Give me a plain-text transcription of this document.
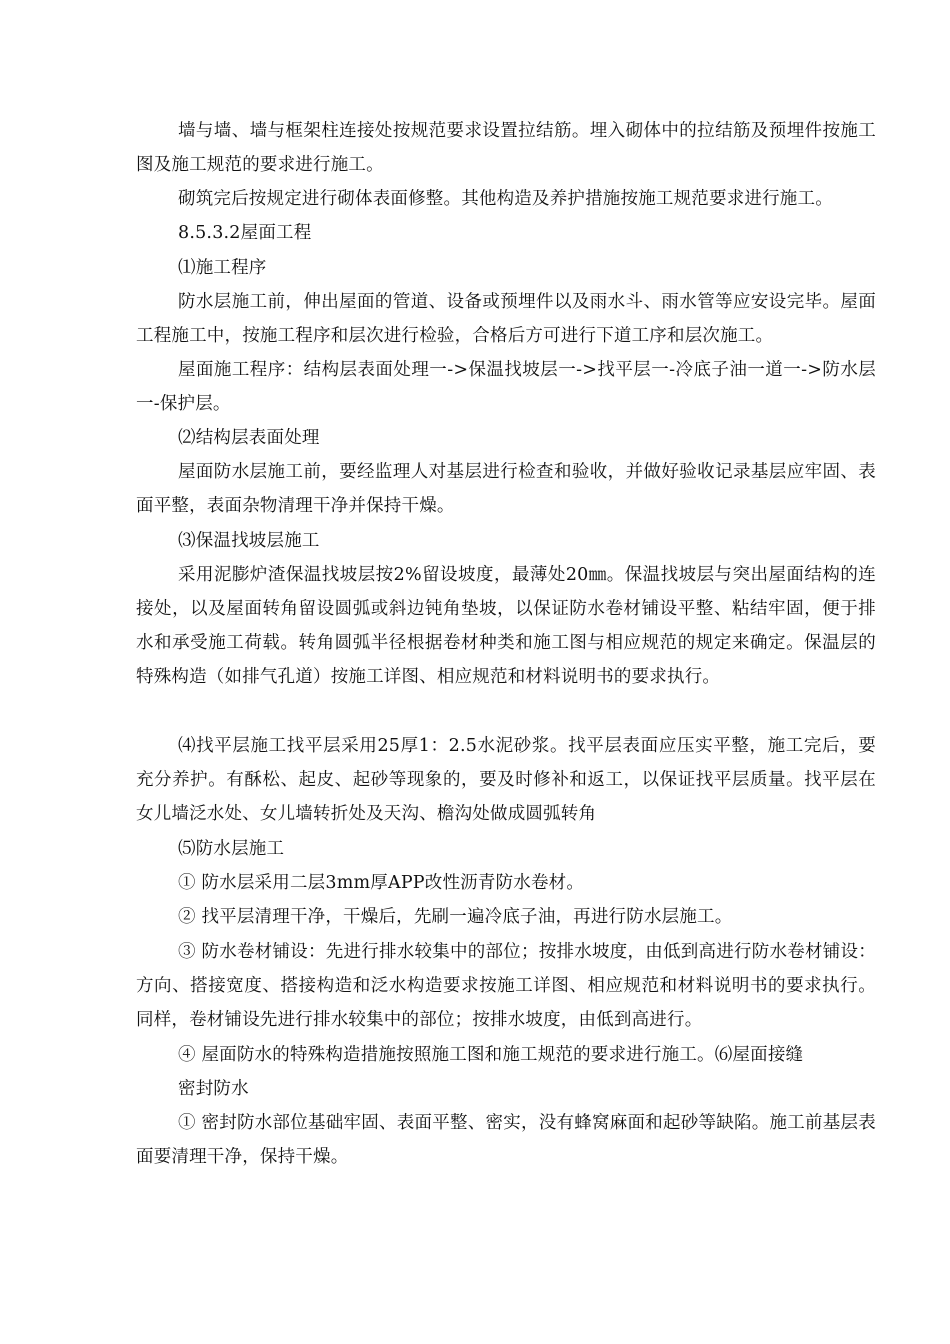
墙与墙、墙与框架柱连接处按规范要求设置拉结筋。埋入砌体中的拉结筋及预埋件按施工图及施工规范的要求进行施工。

砌筑完后按规定进行砌体表面修整。其他构造及养护措施按施工规范要求进行施工。

8.5.3.2屋面工程

⑴施工程序

防水层施工前，伸出屋面的管道、设备或预埋件以及雨水斗、雨水管等应安设完毕。屋面工程施工中，按施工程序和层次进行检验，合格后方可进行下道工序和层次施工。

屋面施工程序：结构层表面处理一->保温找坡层一->找平层一-冷底子油一道一->防水层一-保护层。

⑵结构层表面处理

屋面防水层施工前，要经监理人对基层进行检查和验收，并做好验收记录基层应牢固、表面平整，表面杂物清理干净并保持干燥。

⑶保温找坡层施工

采用泥膨炉渣保温找坡层按2%留设坡度，最薄处20㎜。保温找坡层与突出屋面结构的连接处，以及屋面转角留设圆弧或斜边钝角垫坡，以保证防水卷材铺设平整、粘结牢固，便于排水和承受施工荷载。转角圆弧半径根据卷材种类和施工图与相应规范的规定来确定。保温层的特殊构造（如排气孔道）按施工详图、相应规范和材料说明书的要求执行。

⑷找平层施工找平层采用25厚1：2.5水泥砂浆。找平层表面应压实平整，施工完后，要充分养护。有酥松、起皮、起砂等现象的，要及时修补和返工，以保证找平层质量。找平层在女儿墙泛水处、女儿墙转折处及天沟、檐沟处做成圆弧转角

⑸防水层施工

① 防水层采用二层3mm厚APP改性沥青防水卷材。

② 找平层清理干净，干燥后，先刷一遍冷底子油，再进行防水层施工。

③ 防水卷材铺设：先进行排水较集中的部位；按排水坡度，由低到高进行防水卷材铺设：方向、搭接宽度、搭接构造和泛水构造要求按施工详图、相应规范和材料说明书的要求执行。同样，卷材铺设先进行排水较集中的部位；按排水坡度，由低到高进行。

④ 屋面防水的特殊构造措施按照施工图和施工规范的要求进行施工。⑹屋面接缝

密封防水

① 密封防水部位基础牢固、表面平整、密实，没有蜂窝麻面和起砂等缺陷。施工前基层表面要清理干净，保持干燥。
